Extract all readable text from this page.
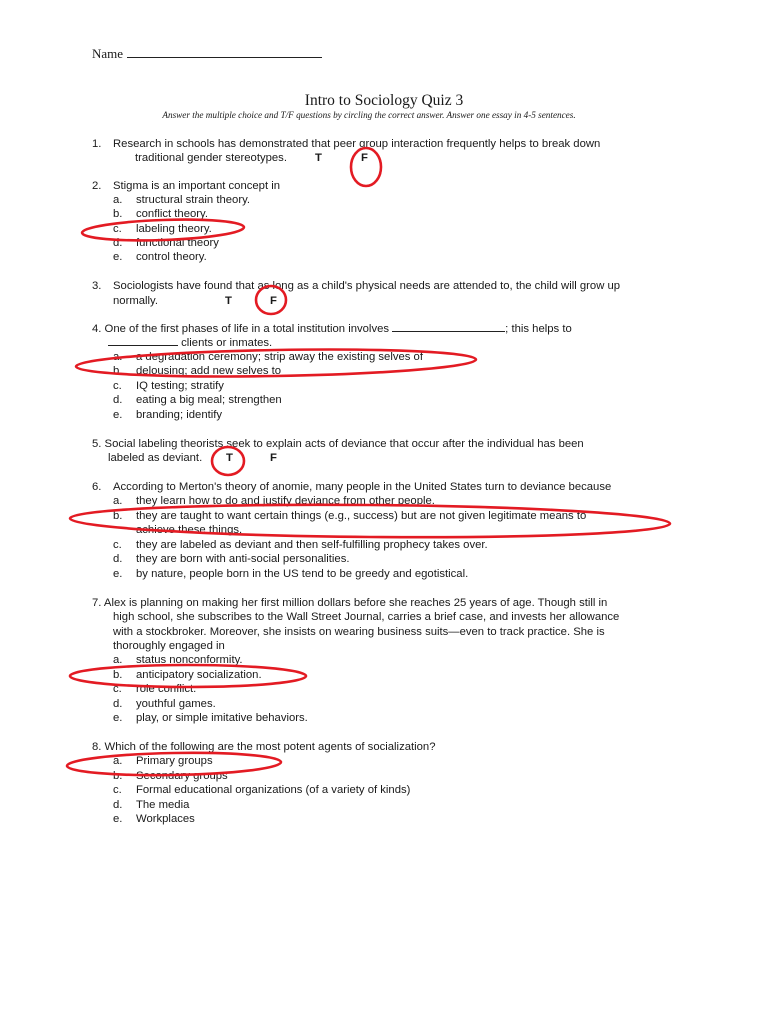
Name
Intro to Sociology Quiz 3
Answer the multiple choice and T/F questions by circling the correct answer. Answer one essay in 4-5 sentences.
1. Research in schools has demonstrated that peer group interaction frequently helps to break down
traditional gender stereotypes. T	F
2. Stigma is an important concept in
a. structural strain theory.
b. conflict theory.
c. labeling theory.
d. functional theory
e. control theory.
3. Sociologists have found that as long as a child's physical needs are attended to, the child will grow up
normally.	T	F
4. One of the first phases of life in a total institution involves	; this helps to
clients or inmates.
a. a degradation ceremony; strip away the existing selves of
b. delousing; add new selves to
c. IQ testing; stratify
d. eating a big meal; strengthen
e. branding; identify
5. Social labeling theorists seek to explain acts of deviance that occur after the individual has been
labeled as deviant. T	F
6. According to Merton's theory of anomie, many people in the United States turn to deviance because
a. they learn how to do and justify deviance from other people.
b. they are taught to want certain things (e.g., success) but are not given legitimate means to
achieve these things.
c. they are labeled as deviant and then self-fulfilling prophecy takes over.
d. they are born with anti-social personalities.
e. by nature, people born in the US tend to be greedy and egotistical.
7. Alex is planning on making her first million dollars before she reaches 25 years of age. Though still in
high school, she subscribes to the Wall Street Journal, carries a brief case, and invests her allowance
with a stockbroker. Moreover, she insists on wearing business suits—even to track practice. She is
thoroughly engaged in
a. status nonconformity.
b. anticipatory socialization.
c. role conflict.
d. youthful games.
e. play, or simple imitative behaviors.
8. Which of the following are the most potent agents of socialization?
a. Primary groups
b. Secondary groups
c. Formal educational organizations (of a variety of kinds)
d. The media
e. Workplaces
